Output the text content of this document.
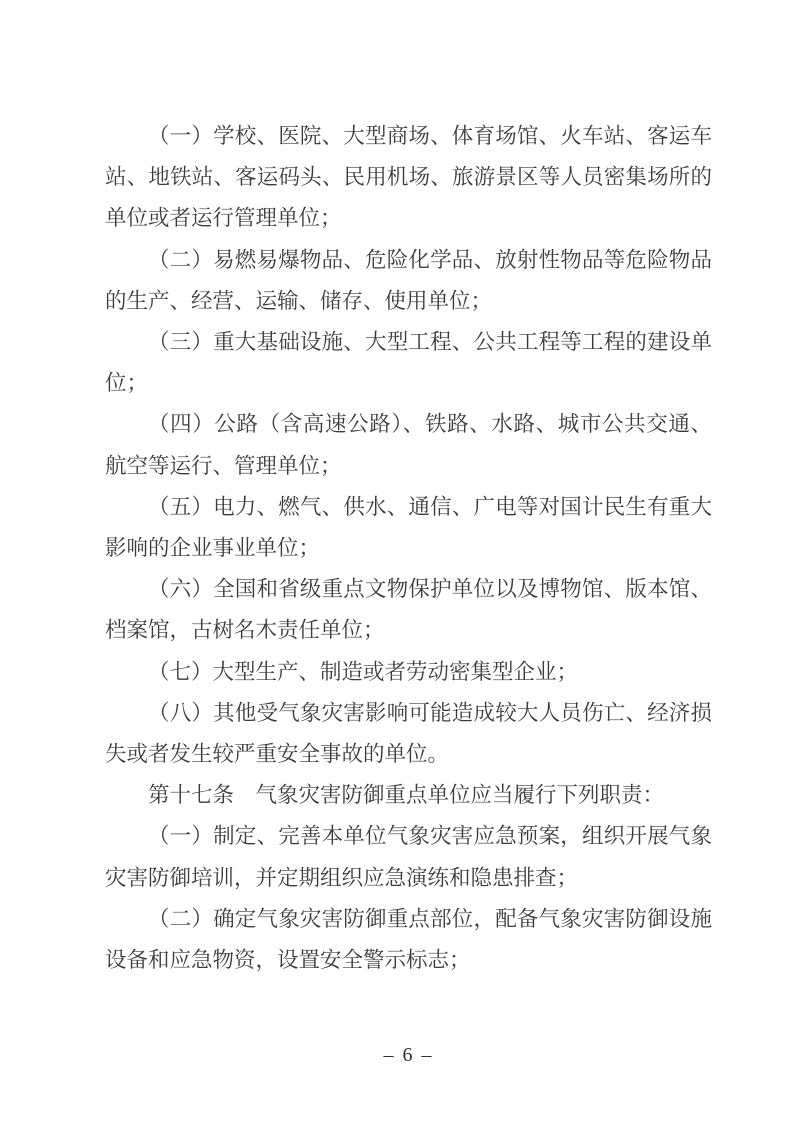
（一）学校、医院、大型商场、体育场馆、火车站、客运车站、地铁站、客运码头、民用机场、旅游景区等人员密集场所的单位或者运行管理单位；

（二）易燃易爆物品、危险化学品、放射性物品等危险物品的生产、经营、运输、储存、使用单位；

（三）重大基础设施、大型工程、公共工程等工程的建设单位；

（四）公路（含高速公路）、铁路、水路、城市公共交通、航空等运行、管理单位；

（五）电力、燃气、供水、通信、广电等对国计民生有重大影响的企业事业单位；

（六）全国和省级重点文物保护单位以及博物馆、版本馆、档案馆，古树名木责任单位；

（七）大型生产、制造或者劳动密集型企业；

（八）其他受气象灾害影响可能造成较大人员伤亡、经济损失或者发生较严重安全事故的单位。

第十七条　气象灾害防御重点单位应当履行下列职责：

（一）制定、完善本单位气象灾害应急预案，组织开展气象灾害防御培训，并定期组织应急演练和隐患排查；

（二）确定气象灾害防御重点部位，配备气象灾害防御设施设备和应急物资，设置安全警示标志；

– 6 –
